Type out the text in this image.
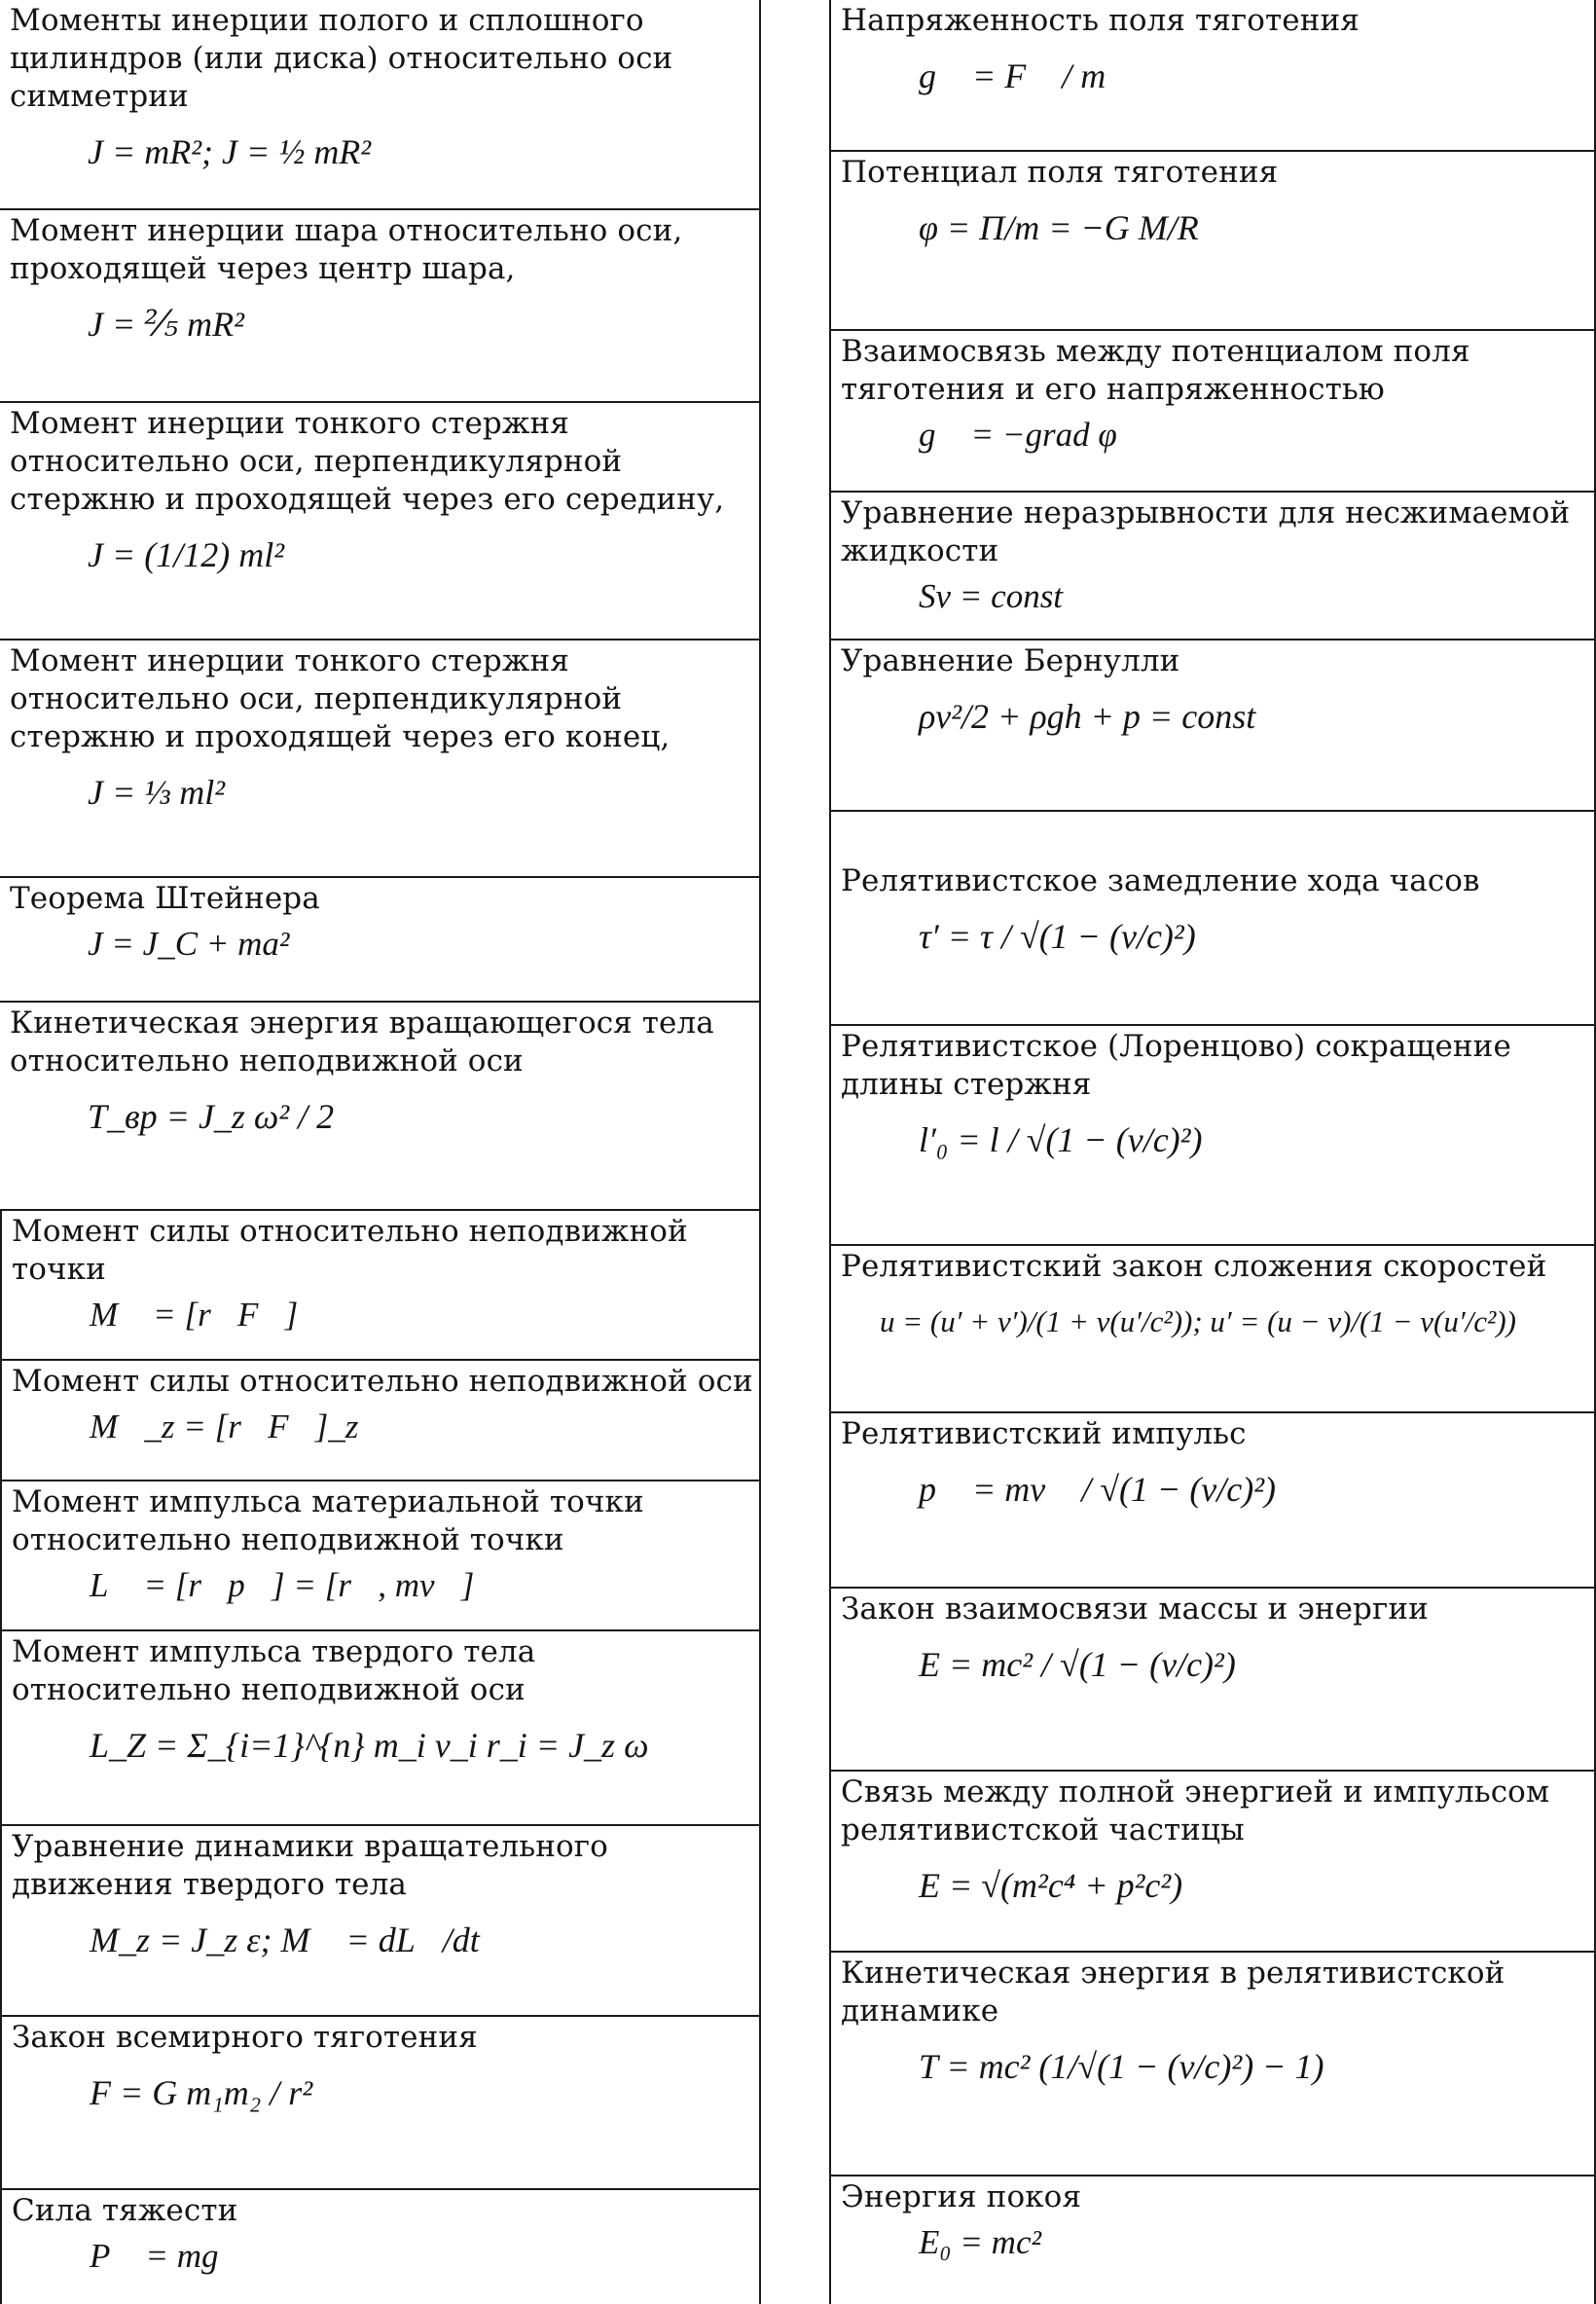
Моменты инерции полого и сплошного цилиндров (или диска) относительно оси симметрии

J = mR²; J = ½ mR²

Момент инерции шара относительно оси, проходящей через центр шара,

J = ⅖ mR²

Момент инерции тонкого стержня относительно оси, перпендикулярной стержню и проходящей через его середину,

J = (1/12) ml²

Момент инерции тонкого стержня относительно оси, перпендикулярной стержню и проходящей через его конец,

J = ⅓ ml²

Теорема Штейнера

J = J_C + ma²

Кинетическая энергия вращающегося тела относительно неподвижной оси

T_вр = J_z ω² / 2

Момент силы относительно неподвижной точки

M⃗ = [r⃗F⃗]

Момент силы относительно неподвижной оси

M⃗_z = [r⃗F⃗]_z

Момент импульса материальной точки относительно неподвижной точки

L⃗ = [r⃗p⃗] = [r⃗, mv⃗]

Момент импульса твердого тела относительно неподвижной оси

L_Z = Σ_{i=1}^{n} m_i v_i r_i = J_z ω

Уравнение динамики вращательного движения твердого тела

M_z = J_z ε; M⃗ = dL⃗/dt

Закон всемирного тяготения

F = G m₁m₂ / r²

Сила тяжести

P⃗ = mg⃗

Напряженность поля тяготения

g⃗ = F⃗ / m

Потенциал поля тяготения

φ = Π/m = −G M/R

Взаимосвязь между потенциалом поля тяготения и его напряженностью

g⃗ = −grad φ

Уравнение неразрывности для несжимаемой жидкости

Sv = const

Уравнение Бернулли

ρv²/2 + ρgh + p = const

Релятивистское замедление хода часов

τ′ = τ / √(1 − (v/c)²)

Релятивистское (Лоренцово) сокращение длины стержня

l′₀ = l / √(1 − (v/c)²)

Релятивистский закон сложения скоростей

u = (u′ + v′)/(1 + v(u′/c²)); u′ = (u − v)/(1 − v(u′/c²))

Релятивистский импульс

p⃗ = mv⃗ / √(1 − (v/c)²)

Закон взаимосвязи массы и энергии

E = mc² / √(1 − (v/c)²)

Связь между полной энергией и импульсом релятивистской частицы

E = √(m²c⁴ + p²c²)

Кинетическая энергия в релятивистской динамике

T = mc² (1/√(1 − (v/c)²) − 1)

Энергия покоя

E₀ = mc²
